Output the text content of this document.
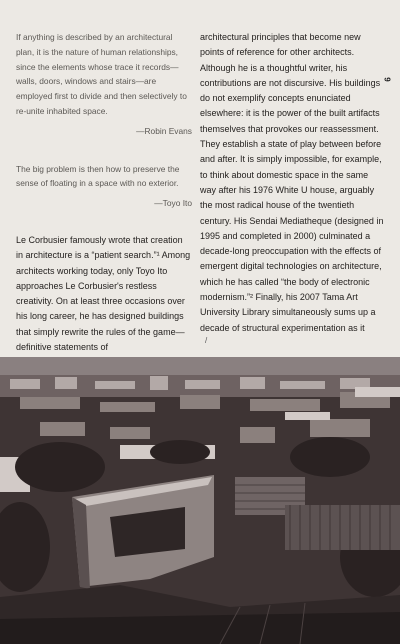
If anything is described by an architectural plan, it is the nature of human relationships, since the elements whose trace it records—walls, doors, windows and stairs—are employed first to divide and then selectively to re-unite inhabited space.

—Robin Evans

The big problem is then how to preserve the sense of floating in a space with no exterior.

—Toyo Ito

Le Corbusier famously wrote that creation in architecture is a “patient search.”¹ Among architects working today, only Toyo Ito approaches Le Corbusier's restless creativity. On at least three occasions over his long career, he has designed buildings that simply rewrite the rules of the game—definitive statements of
architectural principles that become new points of reference for other architects. Although he is a thoughtful writer, his contributions are not discursive. His buildings do not exemplify concepts enunciated elsewhere: it is the power of the built artifacts themselves that provokes our reassessment. They establish a state of play between before and after. It is simply impossible, for example, to think about domestic space in the same way after his 1976 White U house, arguably the most radical house of the twentieth century. His Sendai Mediatheque (designed in 1995 and completed in 2000) culminated a decade-long preoccupation with the effects of emergent digital technologies on architecture, which he has called “the body of electronic modernism.”² Finally, his 2007 Tama Art University Library simultaneously sums up a decade of structural experimentation as it
9
/
